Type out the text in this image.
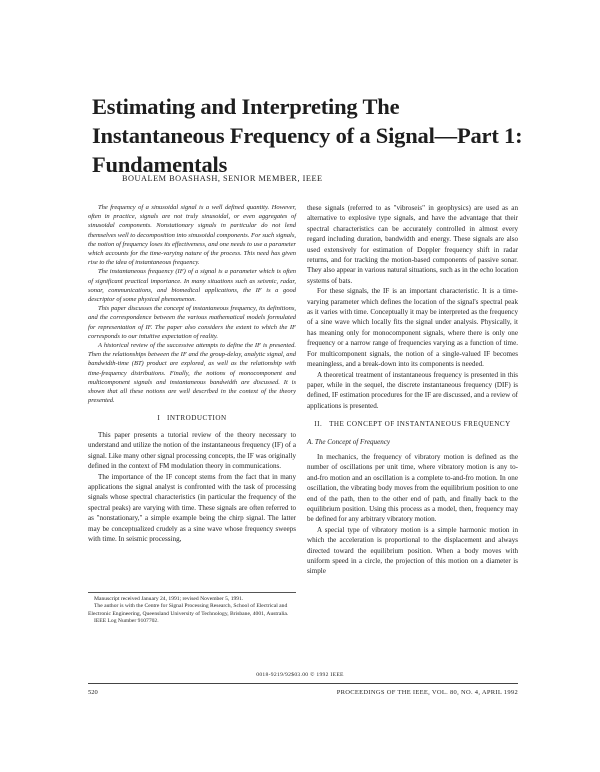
Estimating and Interpreting The Instantaneous Frequency of a Signal—Part 1: Fundamentals
BOUALEM BOASHASH, SENIOR MEMBER, IEEE

The frequency of a sinusoidal signal is a well defined quantity. However, often in practice, signals are not truly sinusoidal, or even aggregates of sinusoidal components. Nonstationary signals in particular do not lend themselves well to decomposition into sinusoidal components. For such signals, the notion of frequency loses its effectiveness, and one needs to use a parameter which accounts for the time-varying nature of the process. This need has given rise to the idea of instantaneous frequency.

The instantaneous frequency (IF) of a signal is a parameter which is often of significant practical importance. In many situations such as seismic, radar, sonar, communications, and biomedical applications, the IF is a good descriptor of some physical phenomenon.

This paper discusses the concept of instantaneous frequency, its definitions, and the correspondence between the various mathematical models formulated for representation of IF. The paper also considers the extent to which the IF corresponds to our intuitive expectation of reality.

A historical review of the successive attempts to define the IF is presented. Then the relationships between the IF and the group-delay, analytic signal, and bandwidth-time (BT) product are explored, as well as the relationship with time-frequency distributions. Finally, the notions of monocomponent and multicomponent signals and instantaneous bandwidth are discussed. It is shown that all these notions are well described in the context of the theory presented.

I INTRODUCTION

This paper presents a tutorial review of the theory necessary to understand and utilize the notion of the instantaneous frequency (IF) of a signal. Like many other signal processing concepts, the IF was originally defined in the context of FM modulation theory in communications.

The importance of the IF concept stems from the fact that in many applications the signal analyst is confronted with the task of processing signals whose spectral characteristics (in particular the frequency of the spectral peaks) are varying with time. These signals are often referred to as "nonstationary," a simple example being the chirp signal. The latter may be conceptualized crudely as a sine wave whose frequency sweeps with time. In seismic processing,

Manuscript received January 24, 1991; revised November 5, 1991.

The author is with the Centre for Signal Processing Research, School of Electrical and Electronic Engineering, Queensland University of Technology, Brisbane, 4001, Australia.

IEEE Log Number 9107702.

these signals (referred to as "vibroseis" in geophysics) are used as an alternative to explosive type signals, and have the advantage that their spectral characteristics can be accurately controlled in almost every regard including duration, bandwidth and energy. These signals are also used extensively for estimation of Doppler frequency shift in radar returns, and for tracking the motion-based components of passive sonar. They also appear in various natural situations, such as in the echo location systems of bats.

For these signals, the IF is an important characteristic. It is a time-varying parameter which defines the location of the signal's spectral peak as it varies with time. Conceptually it may be interpreted as the frequency of a sine wave which locally fits the signal under analysis. Physically, it has meaning only for monocomponent signals, where there is only one frequency or a narrow range of frequencies varying as a function of time. For multicomponent signals, the notion of a single-valued IF becomes meaningless, and a break-down into its components is needed.

A theoretical treatment of instantaneous frequency is presented in this paper, while in the sequel, the discrete instantaneous frequency (DIF) is defined, IF estimation procedures for the IF are discussed, and a review of applications is presented.

II. THE CONCEPT OF INSTANTANEOUS FREQUENCY
A. The Concept of Frequency

In mechanics, the frequency of vibratory motion is defined as the number of oscillations per unit time, where vibratory motion is any to-and-fro motion and an oscillation is a complete to-and-fro motion. In one oscillation, the vibrating body moves from the equilibrium position to one end of the path, then to the other end of path, and finally back to the equilibrium position. Using this process as a model, then, frequency may be defined for any arbitrary vibratory motion.

A special type of vibratory motion is a simple harmonic motion in which the acceleration is proportional to the displacement and always directed toward the equilibrium position. When a body moves with uniform speed in a circle, the projection of this motion on a diameter is simple

0018-9219/92$03.00 © 1992 IEEE
520	PROCEEDINGS OF THE IEEE, VOL. 80, NO. 4, APRIL 1992
